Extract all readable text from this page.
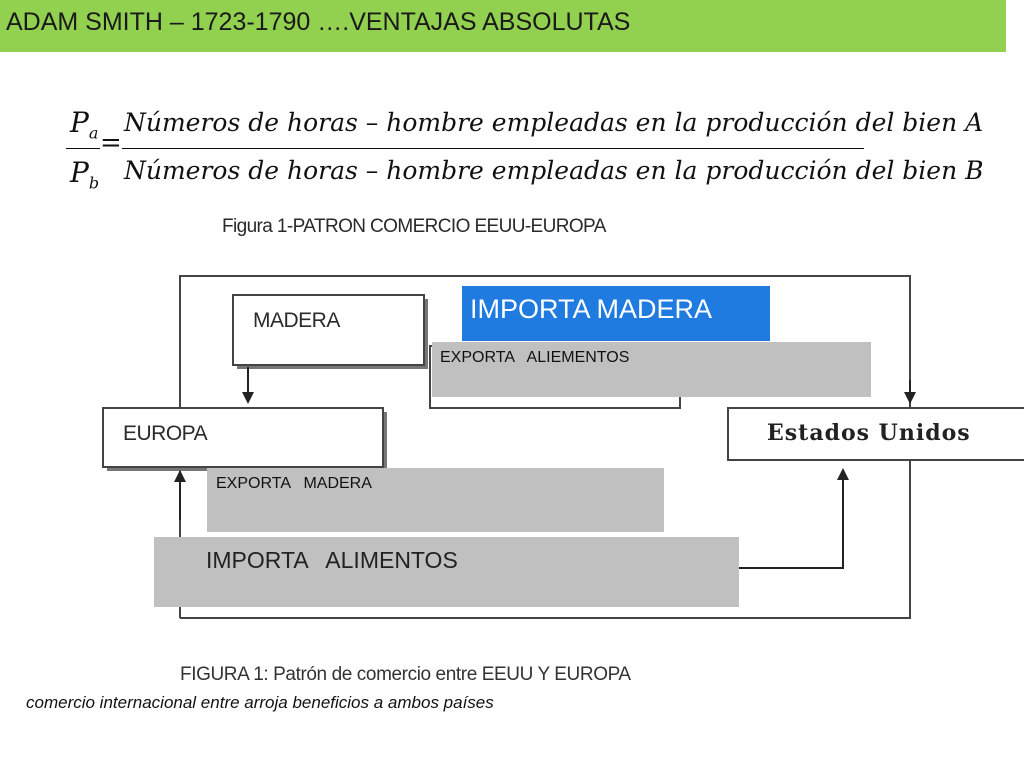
ADAM SMITH – 1723-1790 ….VENTAJAS ABSOLUTAS
$P_a$
$P_b$
=
Números de horas – hombre empleadas en la producción del bien A
Números de horas – hombre empleadas en la producción del bien B
Figura 1-PATRON COMERCIO EEUU-EUROPA
MADERA
EUROPA	Estados Unidos
IMPORTA MADERA
EXPORTA   ALIEMENTOS
EXPORTA   MADERA
IMPORTA   ALIMENTOS
FIGURA 1: Patrón de comercio entre EEUU Y EUROPA
comercio internacional entre arroja beneficios a ambos países
